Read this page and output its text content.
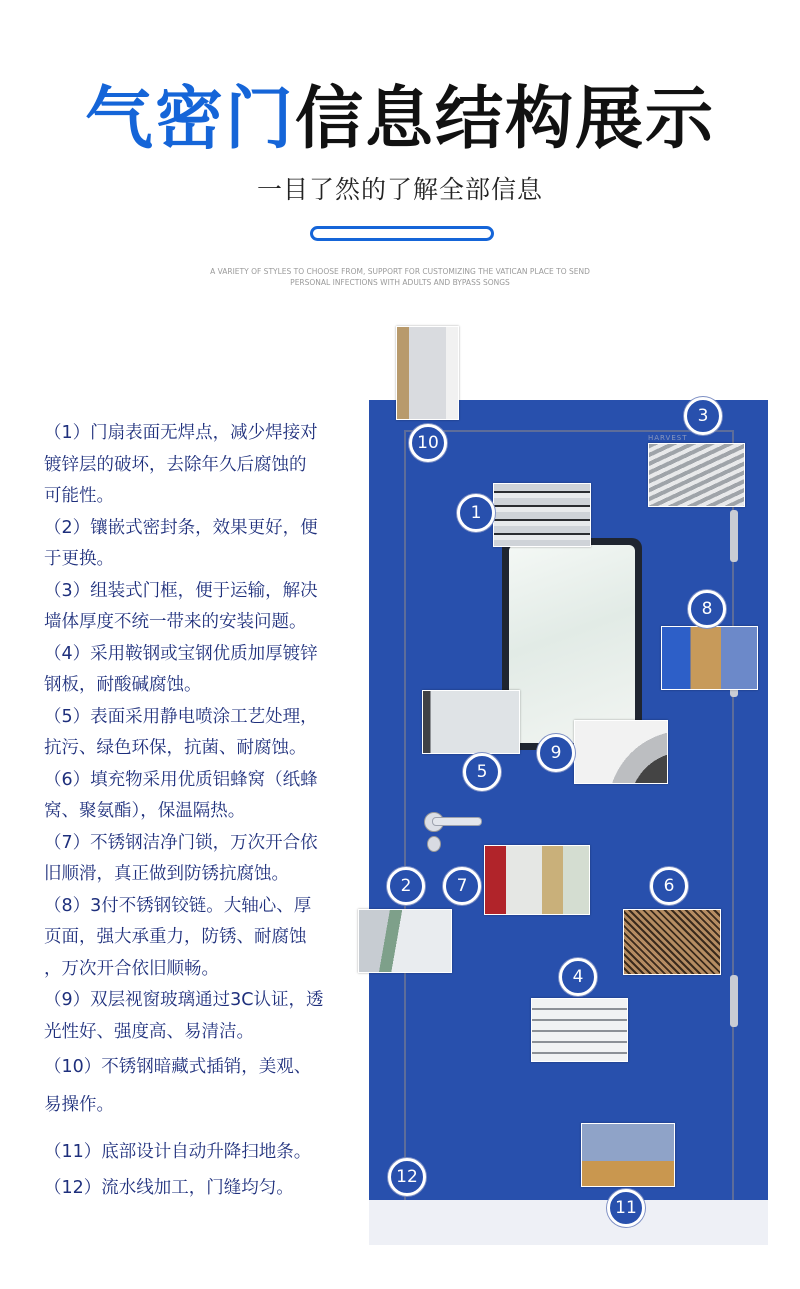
气密门信息结构展示
一目了然的了解全部信息
A VARIETY OF STYLES TO CHOOSE FROM, SUPPORT FOR CUSTOMIZING THE VATICAN PLACE TO SEND
PERSONAL INFECTIONS WITH ADULTS AND BYPASS SONGS

（1）门扇表面无焊点，减少焊接对
镀锌层的破坏，去除年久后腐蚀的
可能性。

（2）镶嵌式密封条，效果更好，便
于更换。

（3）组装式门框，便于运输，解决
墙体厚度不统一带来的安装问题。

（4）采用鞍钢或宝钢优质加厚镀锌
钢板，耐酸碱腐蚀。

（5）表面采用静电喷涂工艺处理，
抗污、绿色环保，抗菌、耐腐蚀。

（6）填充物采用优质铝蜂窝（纸蜂
窝、聚氨酯），保温隔热。

（7）不锈钢洁净门锁，万次开合依
旧顺滑，真正做到防锈抗腐蚀。

（8）3付不锈钢铰链。大轴心、厚
页面，强大承重力，防锈、耐腐蚀
，万次开合依旧顺畅。

（9）双层视窗玻璃通过3C认证，透
光性好、强度高、易清洁。

（10）不锈钢暗藏式插销，美观、
易操作。

（11）底部设计自动升降扫地条。

（12）流水线加工，门缝均匀。

HARVEST
1
2
3
4
5
6
7
8
9
10
11
12
